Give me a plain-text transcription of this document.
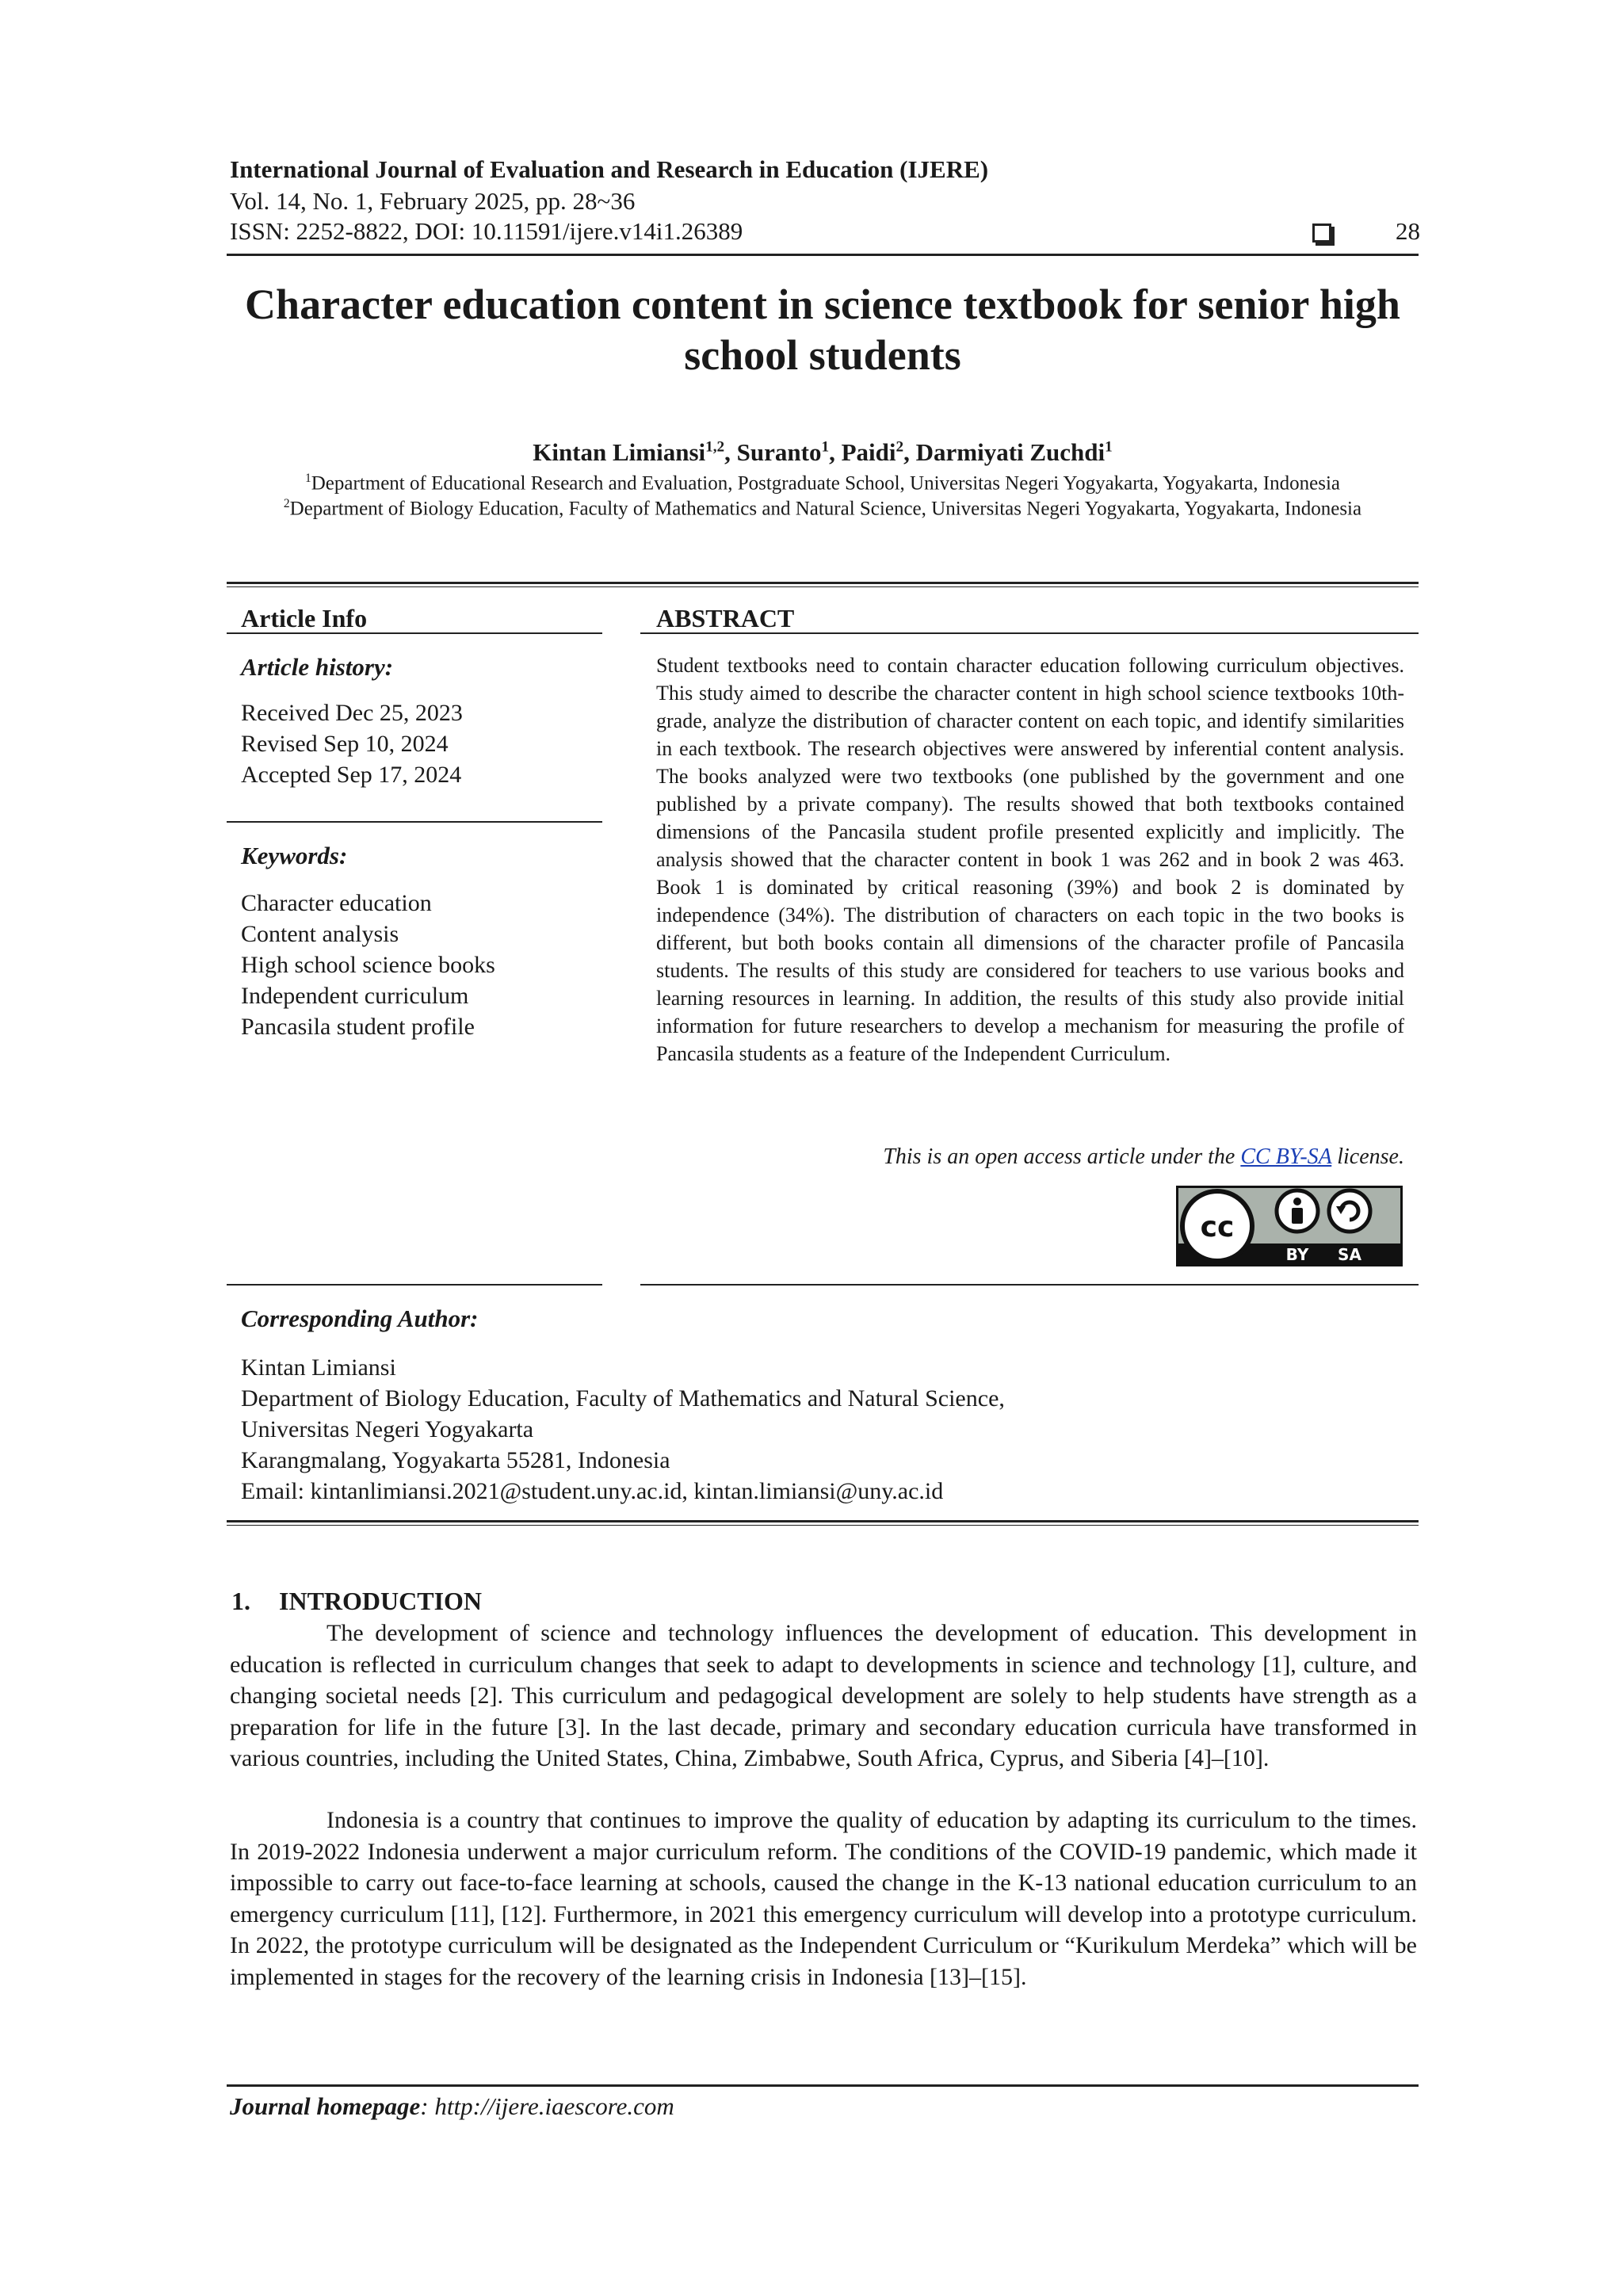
International Journal of Evaluation and Research in Education (IJERE)
Vol. 14, No. 1, February 2025, pp. 28~36
ISSN: 2252-8822, DOI: 10.11591/ijere.v14i1.26389	28
Character education content in science textbook for senior high
school students
Kintan Limiansi$^{1,2}$, Suranto$^1$, Paidi$^2$, Darmiyati Zuchdi$^1$
$^1$Department of Educational Research and Evaluation, Postgraduate School, Universitas Negeri Yogyakarta, Yogyakarta, Indonesia
$^2$Department of Biology Education, Faculty of Mathematics and Natural Science, Universitas Negeri Yogyakarta, Yogyakarta, Indonesia
Article Info
Article history:
Received Dec 25, 2023
Revised Sep 10, 2024
Accepted Sep 17, 2024
Keywords:
Character education
Content analysis
High school science books
Independent curriculum
Pancasila student profile
ABSTRACT
Student textbooks need to contain character education following curriculum objectives. This study aimed to describe the character content in high school science textbooks 10th-grade, analyze the distribution of character content on each topic, and identify similarities in each textbook. The research objectives were answered by inferential content analysis. The books analyzed were two textbooks (one published by the government and one published by a private company). The results showed that both textbooks contained dimensions of the Pancasila student profile presented explicitly and implicitly. The analysis showed that the character content in book 1 was 262 and in book 2 was 463. Book 1 is dominated by critical reasoning (39%) and book 2 is dominated by independence (34%). The distribution of characters on each topic in the two books is different, but both books contain all dimensions of the character profile of Pancasila students. The results of this study are considered for teachers to use various books and learning resources in learning. In addition, the results of this study also provide initial information for future researchers to develop a mechanism for measuring the profile of Pancasila students as a feature of the Independent Curriculum.
This is an open access article under the CC BY-SA license.
cc
BY SA
Corresponding Author:
Kintan Limiansi
Department of Biology Education, Faculty of Mathematics and Natural Science,
Universitas Negeri Yogyakarta
Karangmalang, Yogyakarta 55281, Indonesia
Email: kintanlimiansi.2021@student.uny.ac.id, kintan.limiansi@uny.ac.id
1. INTRODUCTION
The development of science and technology influences the development of education. This development in education is reflected in curriculum changes that seek to adapt to developments in science and technology [1], culture, and changing societal needs [2]. This curriculum and pedagogical development are solely to help students have strength as a preparation for life in the future [3]. In the last decade, primary and secondary education curricula have transformed in various countries, including the United States, China, Zimbabwe, South Africa, Cyprus, and Siberia [4]–[10].
Indonesia is a country that continues to improve the quality of education by adapting its curriculum to the times. In 2019-2022 Indonesia underwent a major curriculum reform. The conditions of the COVID-19 pandemic, which made it impossible to carry out face-to-face learning at schools, caused the change in the K-13 national education curriculum to an emergency curriculum [11], [12]. Furthermore, in 2021 this emergency curriculum will develop into a prototype curriculum. In 2022, the prototype curriculum will be designated as the Independent Curriculum or “Kurikulum Merdeka” which will be implemented in stages for the recovery of the learning crisis in Indonesia [13]–[15].
Journal homepage: http://ijere.iaescore.com
